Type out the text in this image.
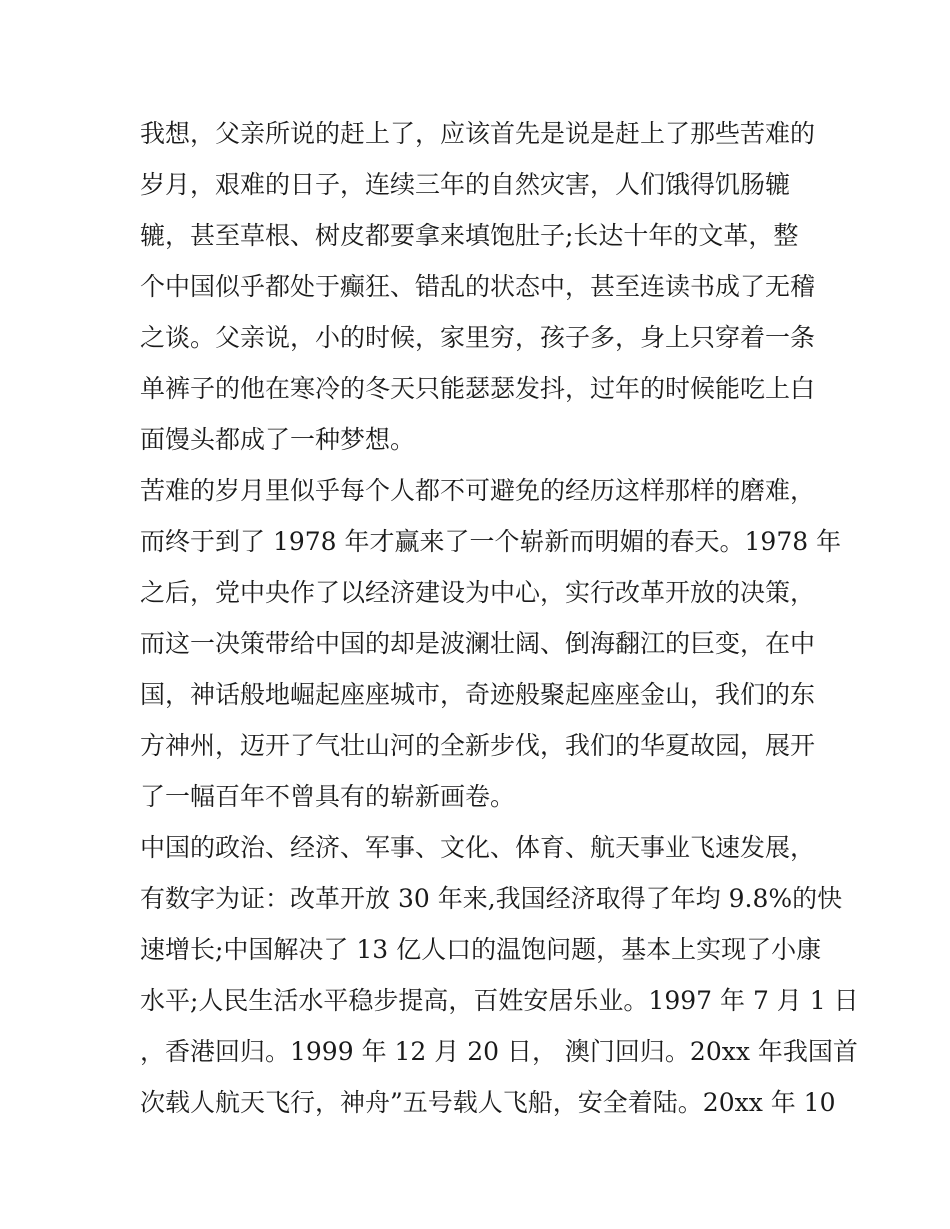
我想，父亲所说的赶上了，应该首先是说是赶上了那些苦难的
岁月，艰难的日子，连续三年的自然灾害，人们饿得饥肠辘
辘，甚至草根、树皮都要拿来填饱肚子;长达十年的文革，整
个中国似乎都处于癫狂、错乱的状态中，甚至连读书成了无稽
之谈。父亲说，小的时候，家里穷，孩子多，身上只穿着一条
单裤子的他在寒冷的冬天只能瑟瑟发抖，过年的时候能吃上白
面馒头都成了一种梦想。
苦难的岁月里似乎每个人都不可避免的经历这样那样的磨难，
而终于到了 1978 年才赢来了一个崭新而明媚的春天。1978 年
之后，党中央作了以经济建设为中心，实行改革开放的决策，
而这一决策带给中国的却是波澜壮阔、倒海翻江的巨变，在中
国，神话般地崛起座座城市，奇迹般聚起座座金山，我们的东
方神州，迈开了气壮山河的全新步伐，我们的华夏故园，展开
了一幅百年不曾具有的崭新画卷。
中国的政治、经济、军事、文化、体育、航天事业飞速发展，
有数字为证：改革开放 30 年来,我国经济取得了年均 9.8%的快
速增长;中国解决了 13 亿人口的温饱问题，基本上实现了小康
水平;人民生活水平稳步提高，百姓安居乐业。1997 年 7 月 1 日
，香港回归。1999 年 12 月 20 日， 澳门回归。20xx 年我国首
次载人航天飞行，神舟”五号载人飞船，安全着陆。20xx 年 10
